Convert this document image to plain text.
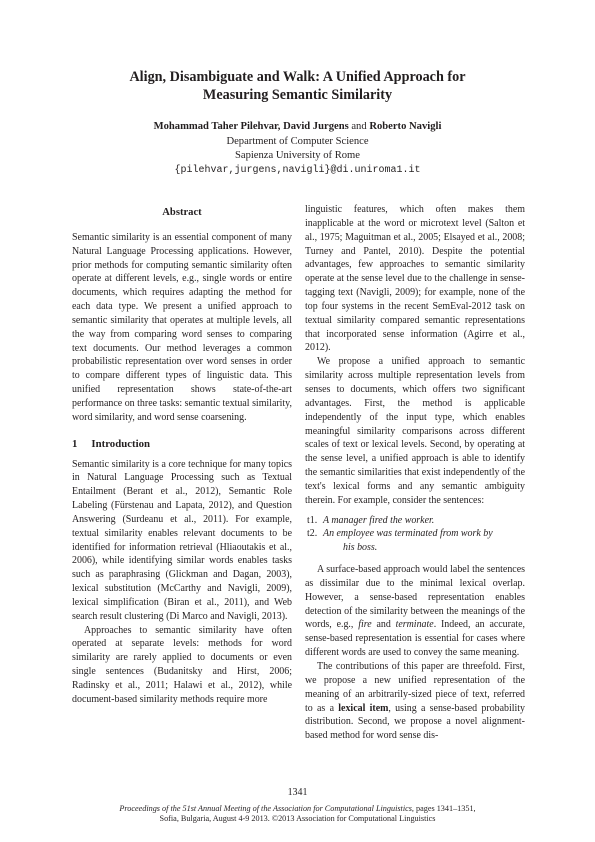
Align, Disambiguate and Walk: A Unified Approach for
Measuring Semantic Similarity
Mohammad Taher Pilehvar, David Jurgens and Roberto Navigli
Department of Computer Science
Sapienza University of Rome
{pilehvar,jurgens,navigli}@di.uniroma1.it
Abstract

Semantic similarity is an essential component of many Natural Language Processing applications. However, prior methods for computing semantic similarity often operate at different levels, e.g., single words or entire documents, which requires adapting the method for each data type. We present a unified approach to semantic similarity that operates at multiple levels, all the way from comparing word senses to comparing text documents. Our method leverages a common probabilistic representation over word senses in order to compare different types of linguistic data. This unified representation shows state-of-the-art performance on three tasks: semantic textual similarity, word similarity, and word sense coarsening.

1 Introduction

Semantic similarity is a core technique for many topics in Natural Language Processing such as Textual Entailment (Berant et al., 2012), Semantic Role Labeling (Fürstenau and Lapata, 2012), and Question Answering (Surdeanu et al., 2011). For example, textual similarity enables relevant documents to be identified for information retrieval (Hliaoutakis et al., 2006), while identifying similar words enables tasks such as paraphrasing (Glickman and Dagan, 2003), lexical substitution (McCarthy and Navigli, 2009), lexical simplification (Biran et al., 2011), and Web search result clustering (Di Marco and Navigli, 2013).

Approaches to semantic similarity have often operated at separate levels: methods for word similarity are rarely applied to documents or even single sentences (Budanitsky and Hirst, 2006; Radinsky et al., 2011; Halawi et al., 2012), while document-based similarity methods require more

linguistic features, which often makes them inapplicable at the word or microtext level (Salton et al., 1975; Maguitman et al., 2005; Elsayed et al., 2008; Turney and Pantel, 2010). Despite the potential advantages, few approaches to semantic similarity operate at the sense level due to the challenge in sense-tagging text (Navigli, 2009); for example, none of the top four systems in the recent SemEval-2012 task on textual similarity compared semantic representations that incorporated sense information (Agirre et al., 2012).

We propose a unified approach to semantic similarity across multiple representation levels from senses to documents, which offers two significant advantages. First, the method is applicable independently of the input type, which enables meaningful similarity comparisons across different scales of text or lexical levels. Second, by operating at the sense level, a unified approach is able to identify the semantic similarities that exist independently of the text's lexical forms and any semantic ambiguity therein. For example, consider the sentences:

t1. A manager fired the worker.
t2. An employee was terminated from work by
his boss.

A surface-based approach would label the sentences as dissimilar due to the minimal lexical overlap. However, a sense-based representation enables detection of the similarity between the meanings of the words, e.g., fire and terminate. Indeed, an accurate, sense-based representation is essential for cases where different words are used to convey the same meaning.

The contributions of this paper are threefold. First, we propose a new unified representation of the meaning of an arbitrarily-sized piece of text, referred to as a lexical item, using a sense-based probability distribution. Second, we propose a novel alignment-based method for word sense dis-

1341
Proceedings of the 51st Annual Meeting of the Association for Computational Linguistics, pages 1341–1351,
Sofia, Bulgaria, August 4-9 2013. ©2013 Association for Computational Linguistics
